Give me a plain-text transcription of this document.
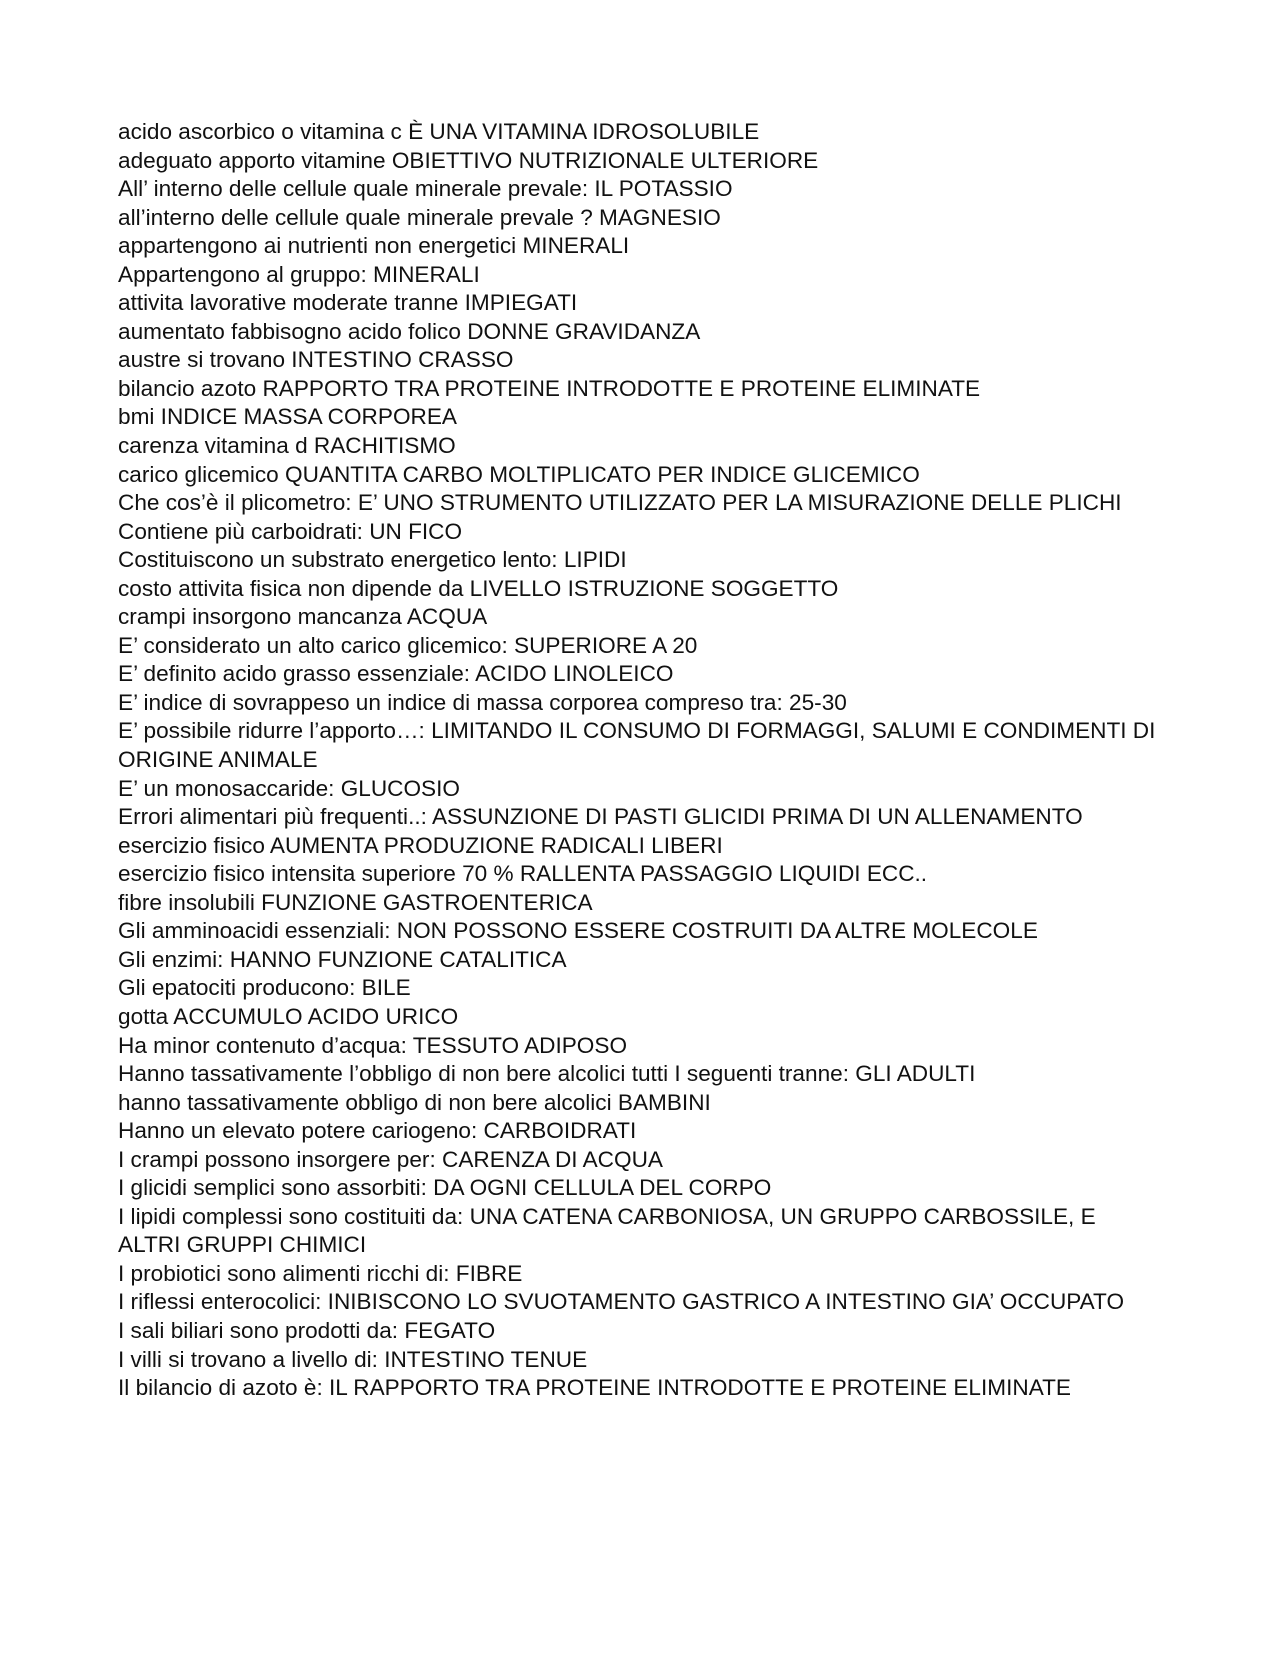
acido ascorbico o vitamina c È UNA VITAMINA IDROSOLUBILE

adeguato apporto vitamine OBIETTIVO NUTRIZIONALE ULTERIORE

All’ interno delle cellule quale minerale prevale: IL POTASSIO

all’interno delle cellule quale minerale prevale ? MAGNESIO

appartengono ai nutrienti non energetici MINERALI

Appartengono al gruppo: MINERALI

attivita lavorative moderate tranne IMPIEGATI

aumentato fabbisogno acido folico DONNE GRAVIDANZA

austre si trovano INTESTINO CRASSO

bilancio azoto RAPPORTO TRA PROTEINE INTRODOTTE E PROTEINE ELIMINATE

bmi INDICE MASSA CORPOREA

carenza vitamina d RACHITISMO

carico glicemico QUANTITA CARBO MOLTIPLICATO PER INDICE GLICEMICO

Che cos’è il plicometro: E’ UNO STRUMENTO UTILIZZATO PER LA MISURAZIONE DELLE PLICHI

Contiene più carboidrati: UN FICO

Costituiscono un substrato energetico lento: LIPIDI

costo attivita fisica non dipende da LIVELLO ISTRUZIONE SOGGETTO

crampi insorgono mancanza ACQUA

E’ considerato un alto carico glicemico: SUPERIORE A 20

E’ definito acido grasso essenziale: ACIDO LINOLEICO

E’ indice di sovrappeso un indice di massa corporea compreso tra: 25-30

E’ possibile ridurre l’apporto…: LIMITANDO IL CONSUMO DI FORMAGGI, SALUMI E CONDIMENTI DI ORIGINE ANIMALE

E’ un monosaccaride: GLUCOSIO

Errori alimentari più frequenti..: ASSUNZIONE DI PASTI GLICIDI PRIMA DI UN ALLENAMENTO

esercizio fisico AUMENTA PRODUZIONE RADICALI LIBERI

esercizio fisico intensita superiore 70 % RALLENTA PASSAGGIO LIQUIDI ECC..

fibre insolubili FUNZIONE GASTROENTERICA

Gli amminoacidi essenziali: NON POSSONO ESSERE COSTRUITI DA ALTRE MOLECOLE

Gli enzimi: HANNO FUNZIONE CATALITICA

Gli epatociti producono: BILE

gotta ACCUMULO ACIDO URICO

Ha minor contenuto d’acqua: TESSUTO ADIPOSO

Hanno tassativamente l’obbligo di non bere alcolici tutti I seguenti tranne: GLI ADULTI

hanno tassativamente obbligo di non bere alcolici BAMBINI

Hanno un elevato potere cariogeno: CARBOIDRATI

I crampi possono insorgere per: CARENZA DI ACQUA

I glicidi semplici sono assorbiti: DA OGNI CELLULA DEL CORPO

I lipidi complessi sono costituiti da: UNA CATENA CARBONIOSA, UN GRUPPO CARBOSSILE, E ALTRI GRUPPI CHIMICI

I probiotici sono alimenti ricchi di: FIBRE

I riflessi enterocolici: INIBISCONO LO SVUOTAMENTO GASTRICO A INTESTINO GIA’ OCCUPATO

I sali biliari sono prodotti da: FEGATO

I villi si trovano a livello di: INTESTINO TENUE

Il bilancio di azoto è: IL RAPPORTO TRA PROTEINE INTRODOTTE E PROTEINE ELIMINATE
